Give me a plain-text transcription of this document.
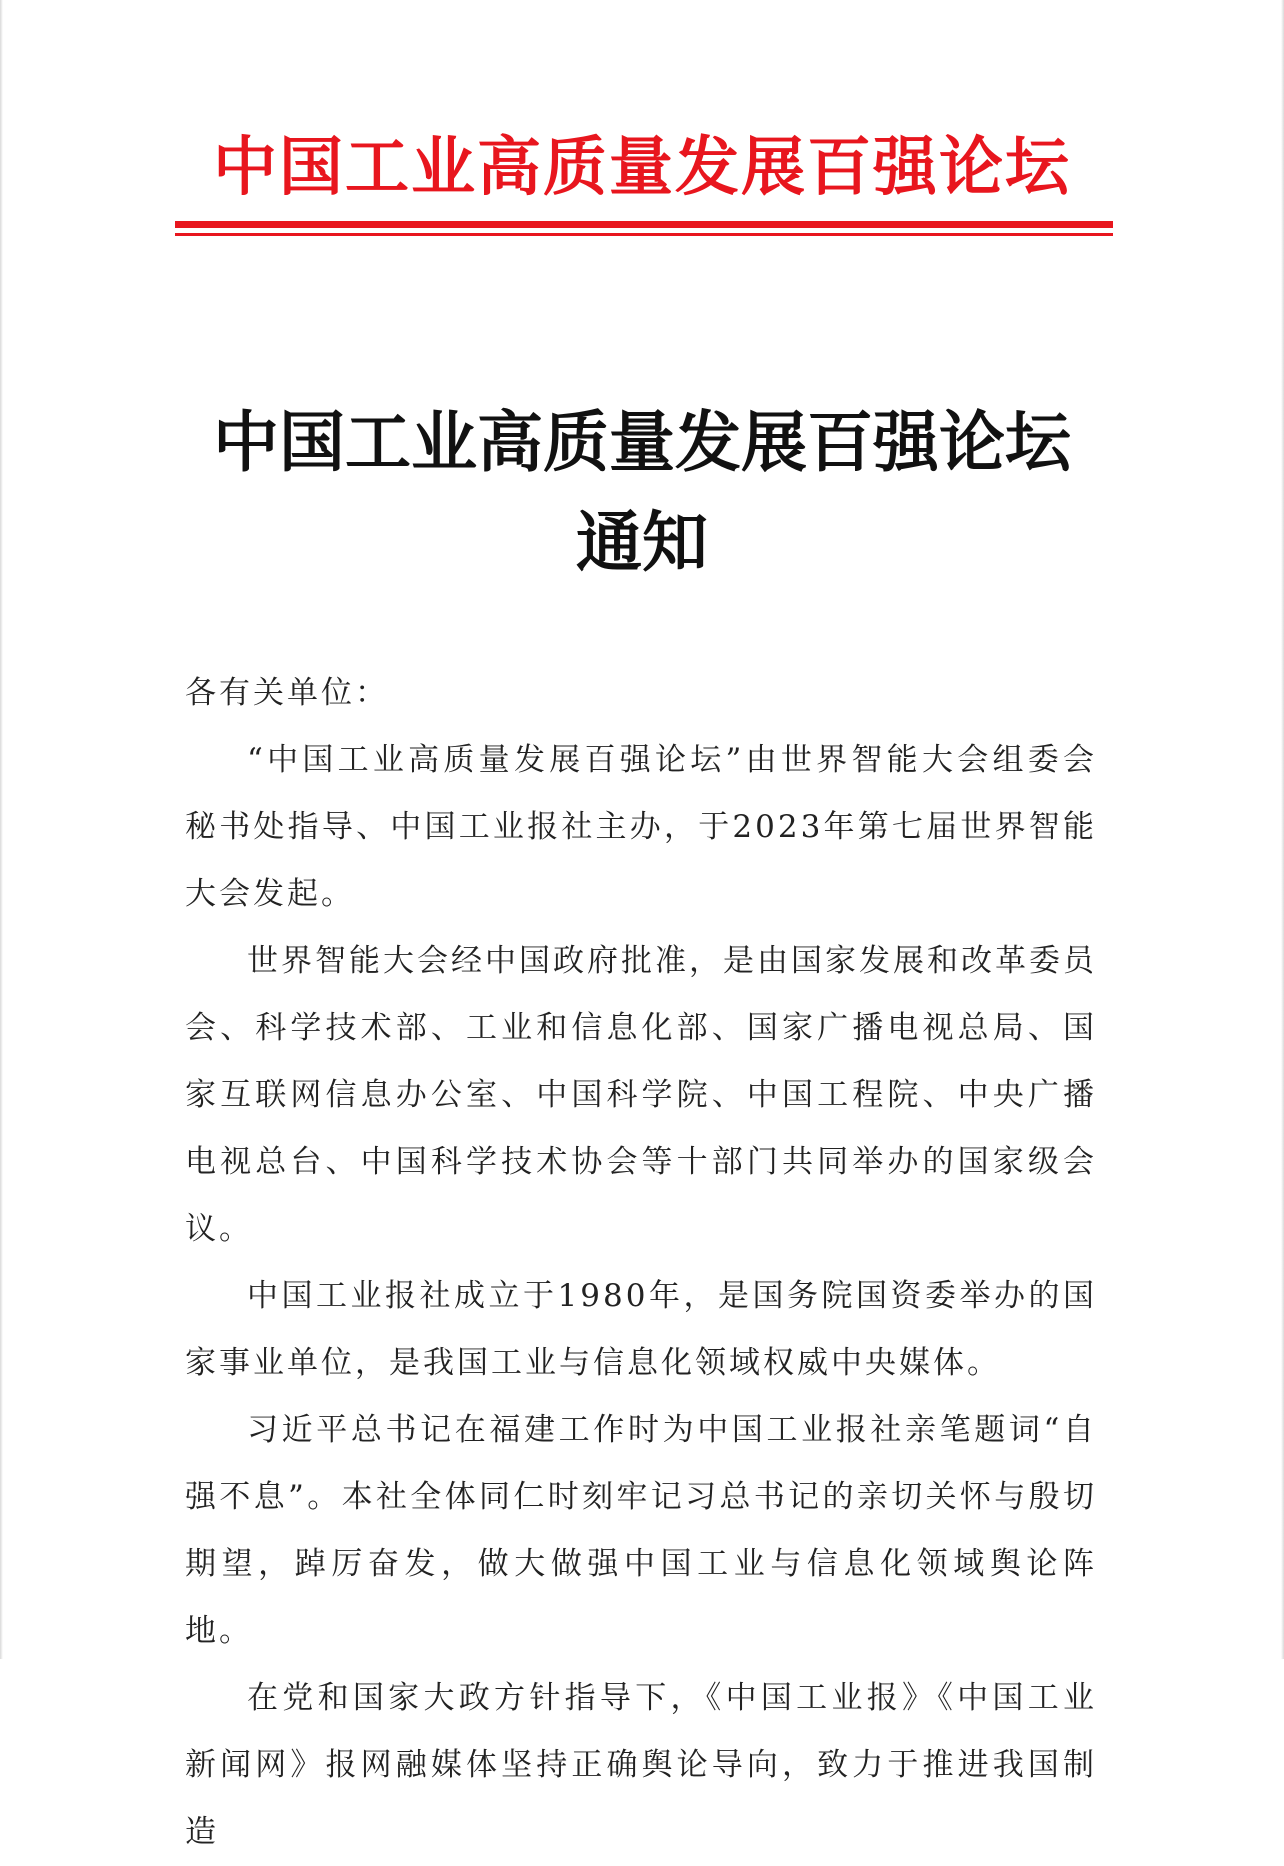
中国工业高质量发展百强论坛
中国工业高质量发展百强论坛
通知

各有关单位：

“中国工业高质量发展百强论坛”由世界智能大会组委会秘书处指导、中国工业报社主办，于2023年第七届世界智能大会发起。

世界智能大会经中国政府批准，是由国家发展和改革委员会、科学技术部、工业和信息化部、国家广播电视总局、国家互联网信息办公室、中国科学院、中国工程院、中央广播电视总台、中国科学技术协会等十部门共同举办的国家级会议。

中国工业报社成立于1980年，是国务院国资委举办的国家事业单位，是我国工业与信息化领域权威中央媒体。

习近平总书记在福建工作时为中国工业报社亲笔题词“自强不息”。本社全体同仁时刻牢记习总书记的亲切关怀与殷切期望，踔厉奋发，做大做强中国工业与信息化领域舆论阵地。

在党和国家大政方针指导下，《中国工业报》《中国工业新闻网》报网融媒体坚持正确舆论导向，致力于推进我国制造
